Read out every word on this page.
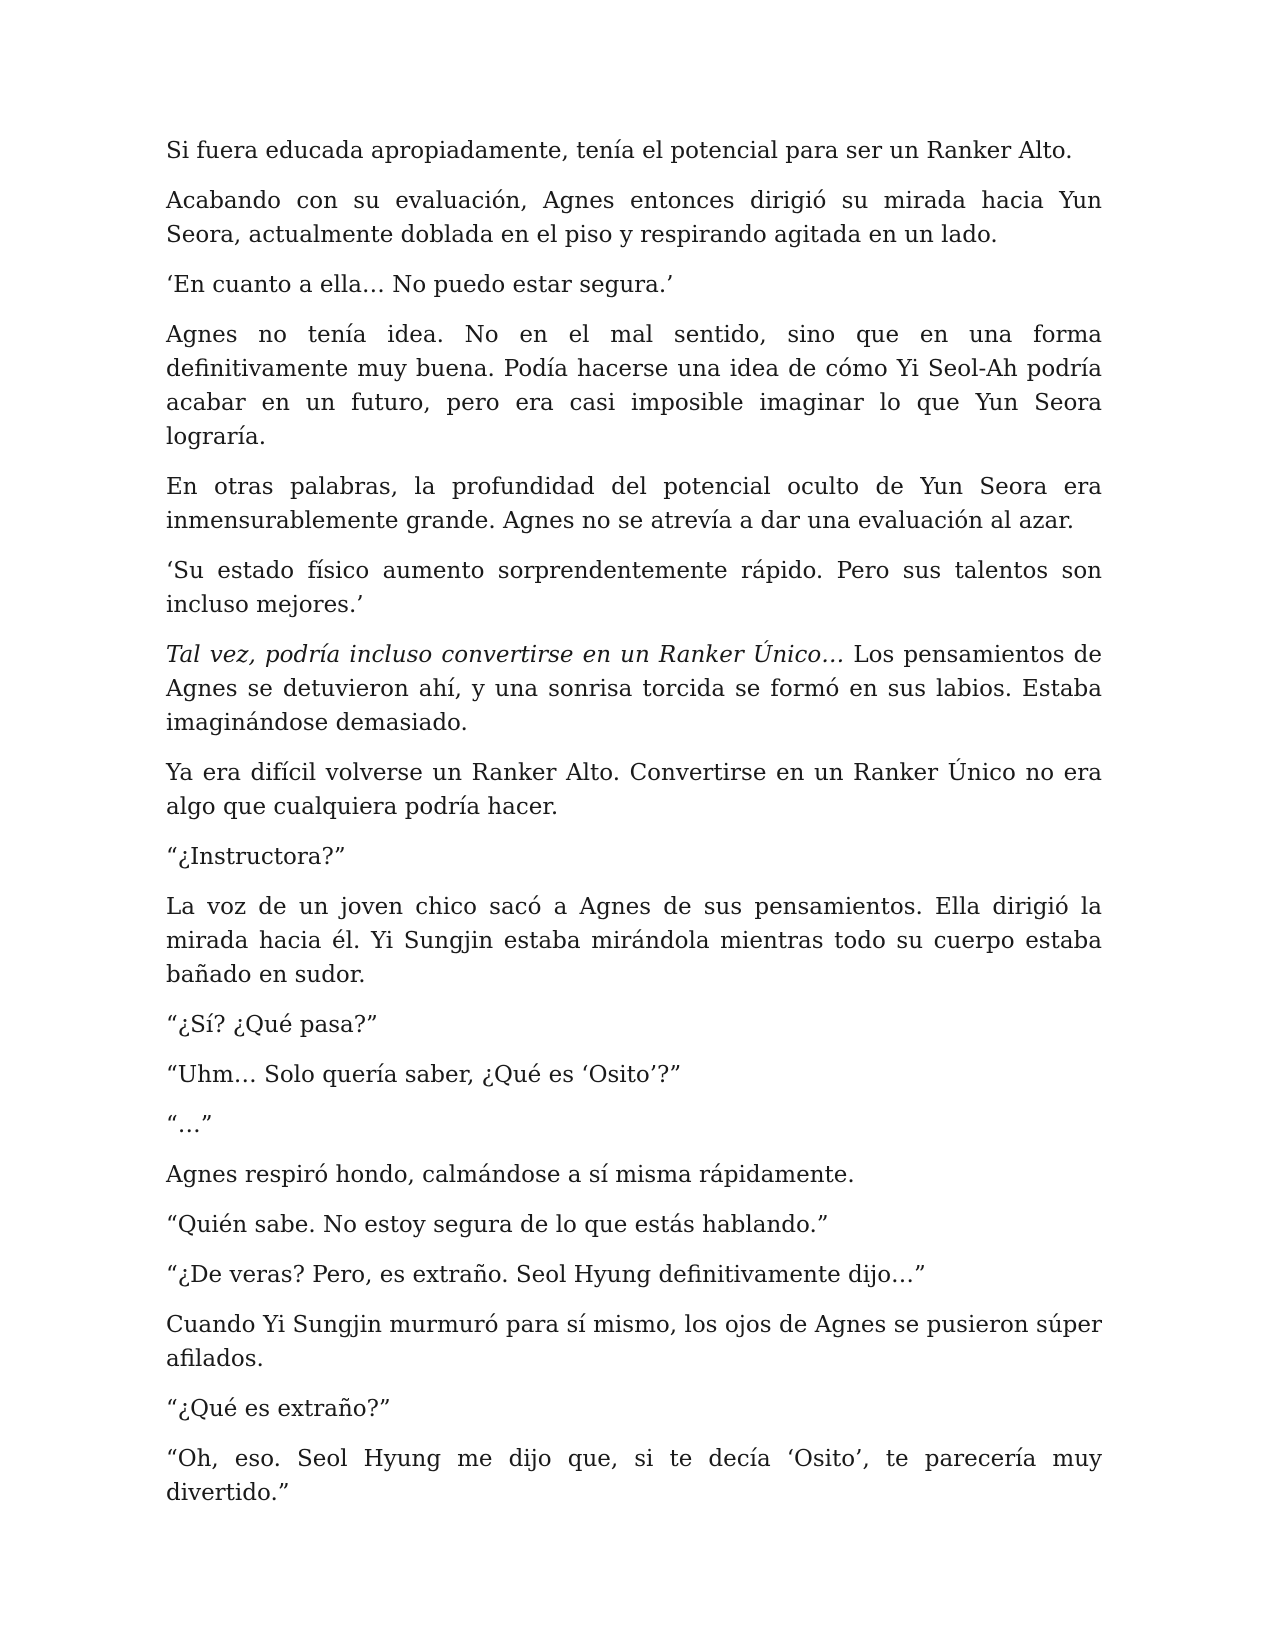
Si fuera educada apropiadamente, tenía el potencial para ser un Ranker Alto.

Acabando con su evaluación, Agnes entonces dirigió su mirada hacia Yun Seora, actualmente doblada en el piso y respirando agitada en un lado.

‘En cuanto a ella… No puedo estar segura.’

Agnes no tenía idea. No en el mal sentido, sino que en una forma definitivamente muy buena. Podía hacerse una idea de cómo Yi Seol-Ah podría acabar en un futuro, pero era casi imposible imaginar lo que Yun Seora lograría.

En otras palabras, la profundidad del potencial oculto de Yun Seora era inmensurablemente grande. Agnes no se atrevía a dar una evaluación al azar.

‘Su estado físico aumento sorprendentemente rápido. Pero sus talentos son incluso mejores.’

Tal vez, podría incluso convertirse en un Ranker Único… Los pensamientos de Agnes se detuvieron ahí, y una sonrisa torcida se formó en sus labios. Estaba imaginándose demasiado.

Ya era difícil volverse un Ranker Alto. Convertirse en un Ranker Único no era algo que cualquiera podría hacer.

“¿Instructora?”

La voz de un joven chico sacó a Agnes de sus pensamientos. Ella dirigió la mirada hacia él. Yi Sungjin estaba mirándola mientras todo su cuerpo estaba bañado en sudor.

“¿Sí? ¿Qué pasa?”

“Uhm… Solo quería saber, ¿Qué es ‘Osito’?”

“…”

Agnes respiró hondo, calmándose a sí misma rápidamente.

“Quién sabe. No estoy segura de lo que estás hablando.”

“¿De veras? Pero, es extraño. Seol Hyung definitivamente dijo…”

Cuando Yi Sungjin murmuró para sí mismo, los ojos de Agnes se pusieron súper afilados.

“¿Qué es extraño?”

“Oh, eso. Seol Hyung me dijo que, si te decía ‘Osito’, te parecería muy divertido.”
